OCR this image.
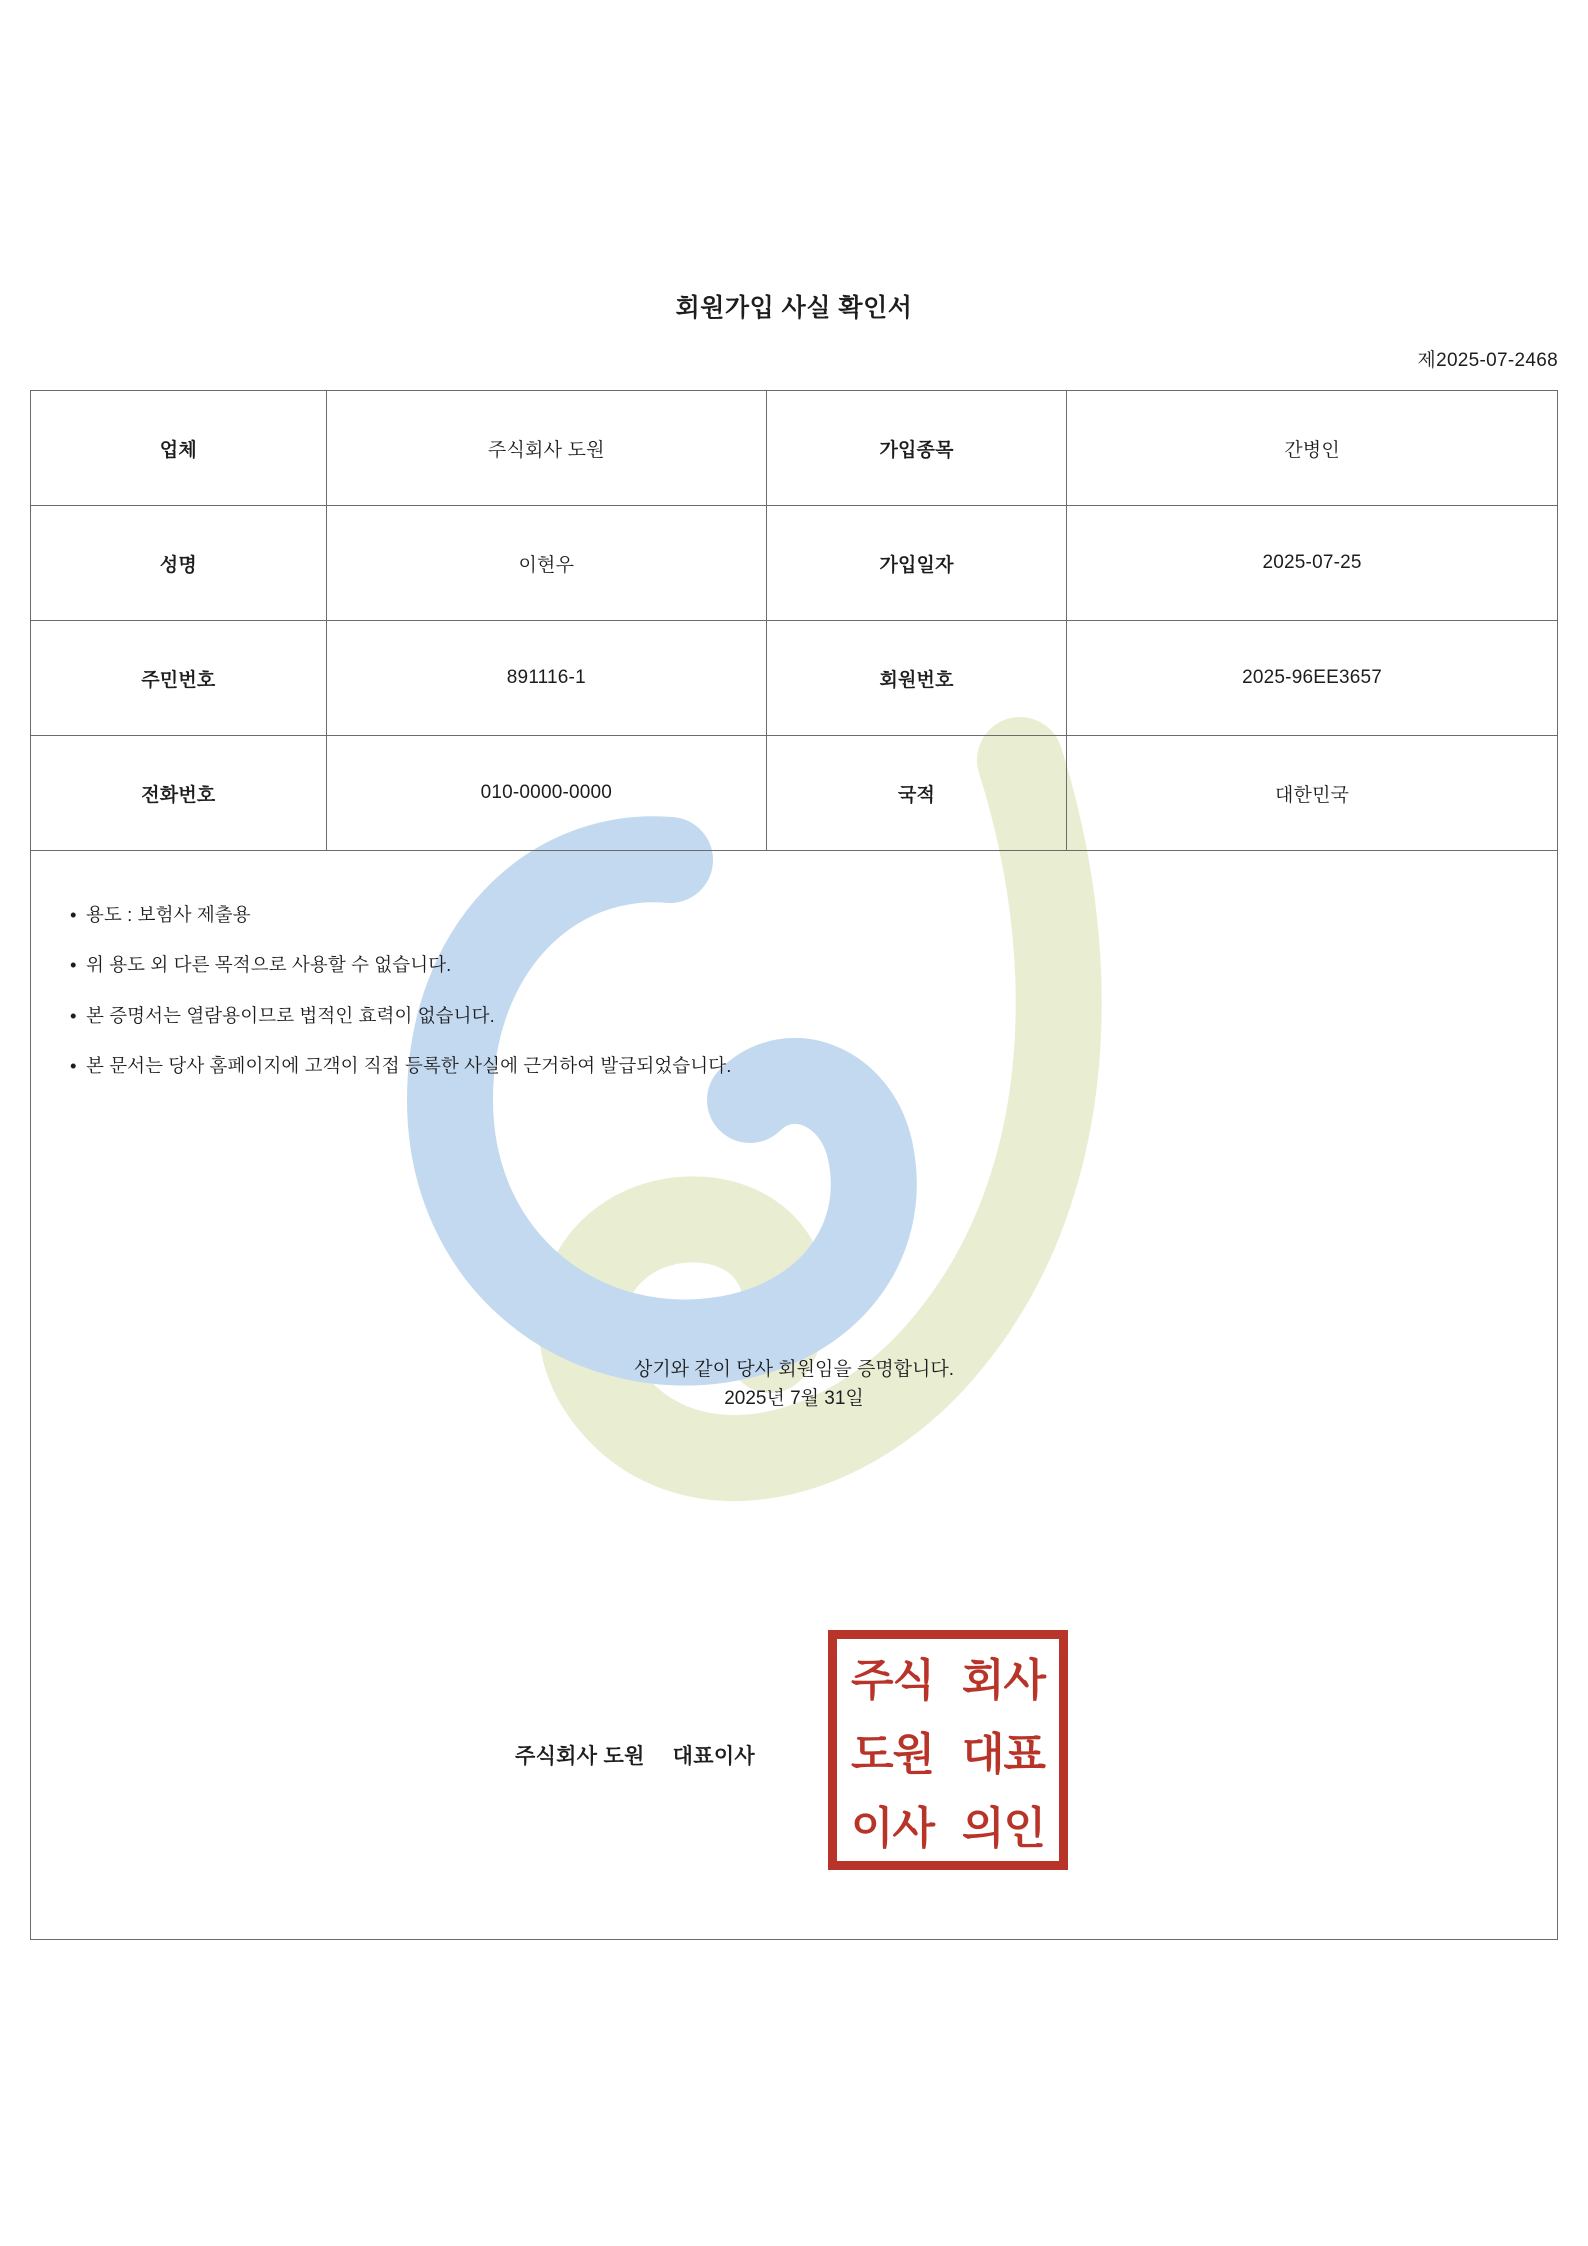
회원가입 사실 확인서
제2025-07-2468
업체	주식회사 도원	가입종목	간병인
성명	이현우	가입일자	2025-07-25
주민번호	891116-1	회원번호	2025-96EE3657
전화번호	010-0000-0000	국적	대한민국
• 용도 : 보험사 제출용
• 위 용도 외 다른 목적으로 사용할 수 없습니다.
• 본 증명서는 열람용이므로 법적인 효력이 없습니다.
• 본 문서는 당사 홈페이지에 고객이 직접 등록한 사실에 근거하여 발급되었습니다.
상기와 같이 당사 회원임을 증명합니다.
2025년 7월 31일
주식회사 도원 대표이사
주식 회사
도원 대표
이사 의인
